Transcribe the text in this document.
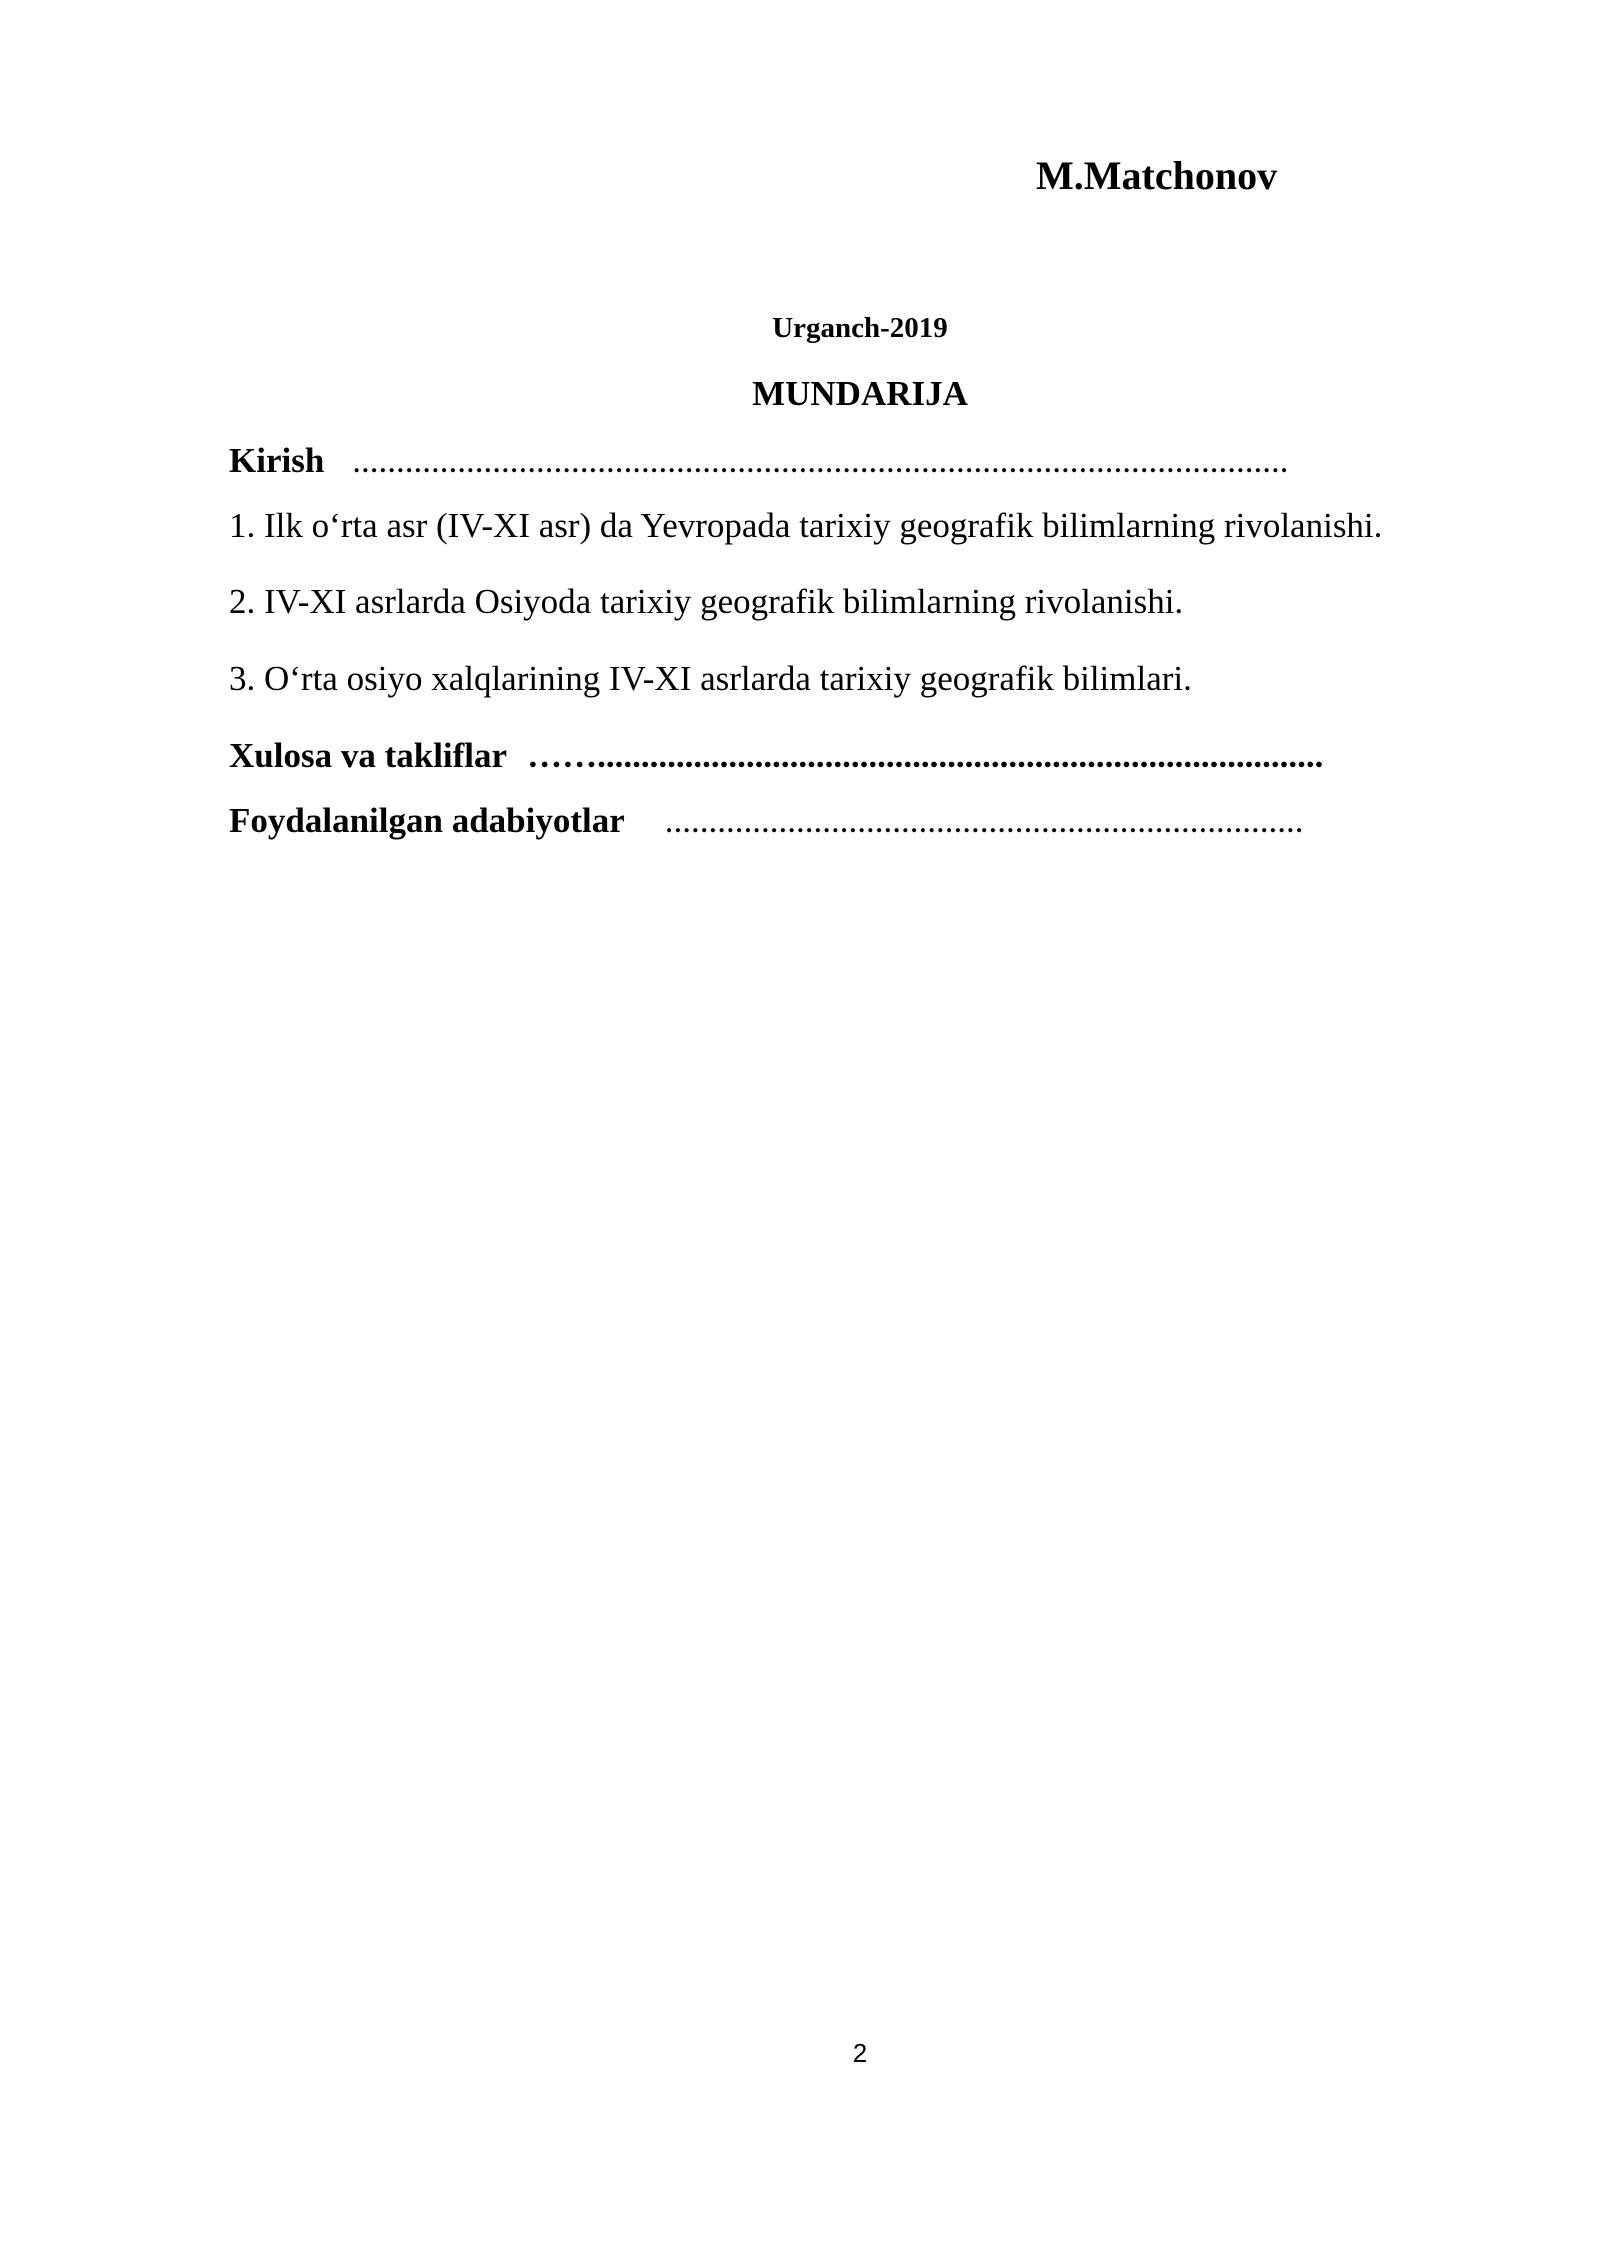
M.Matchonov
Urganch-2019
MUNDARIJA
Kirish ...........................................................................................................
1. Ilk o‘rta asr (IV-XI asr) da Yevropada tarixiy geografik bilimlarning rivolanishi.
2. IV-XI asrlarda Osiyoda tarixiy geografik bilimlarning rivolanishi.
3. O‘rta osiyo xalqlarining IV-XI asrlarda tarixiy geografik bilimlari.
Xulosa va takliflar ……...................................................................................
Foydalanilgan adabiyotlar .........................................................................
2
